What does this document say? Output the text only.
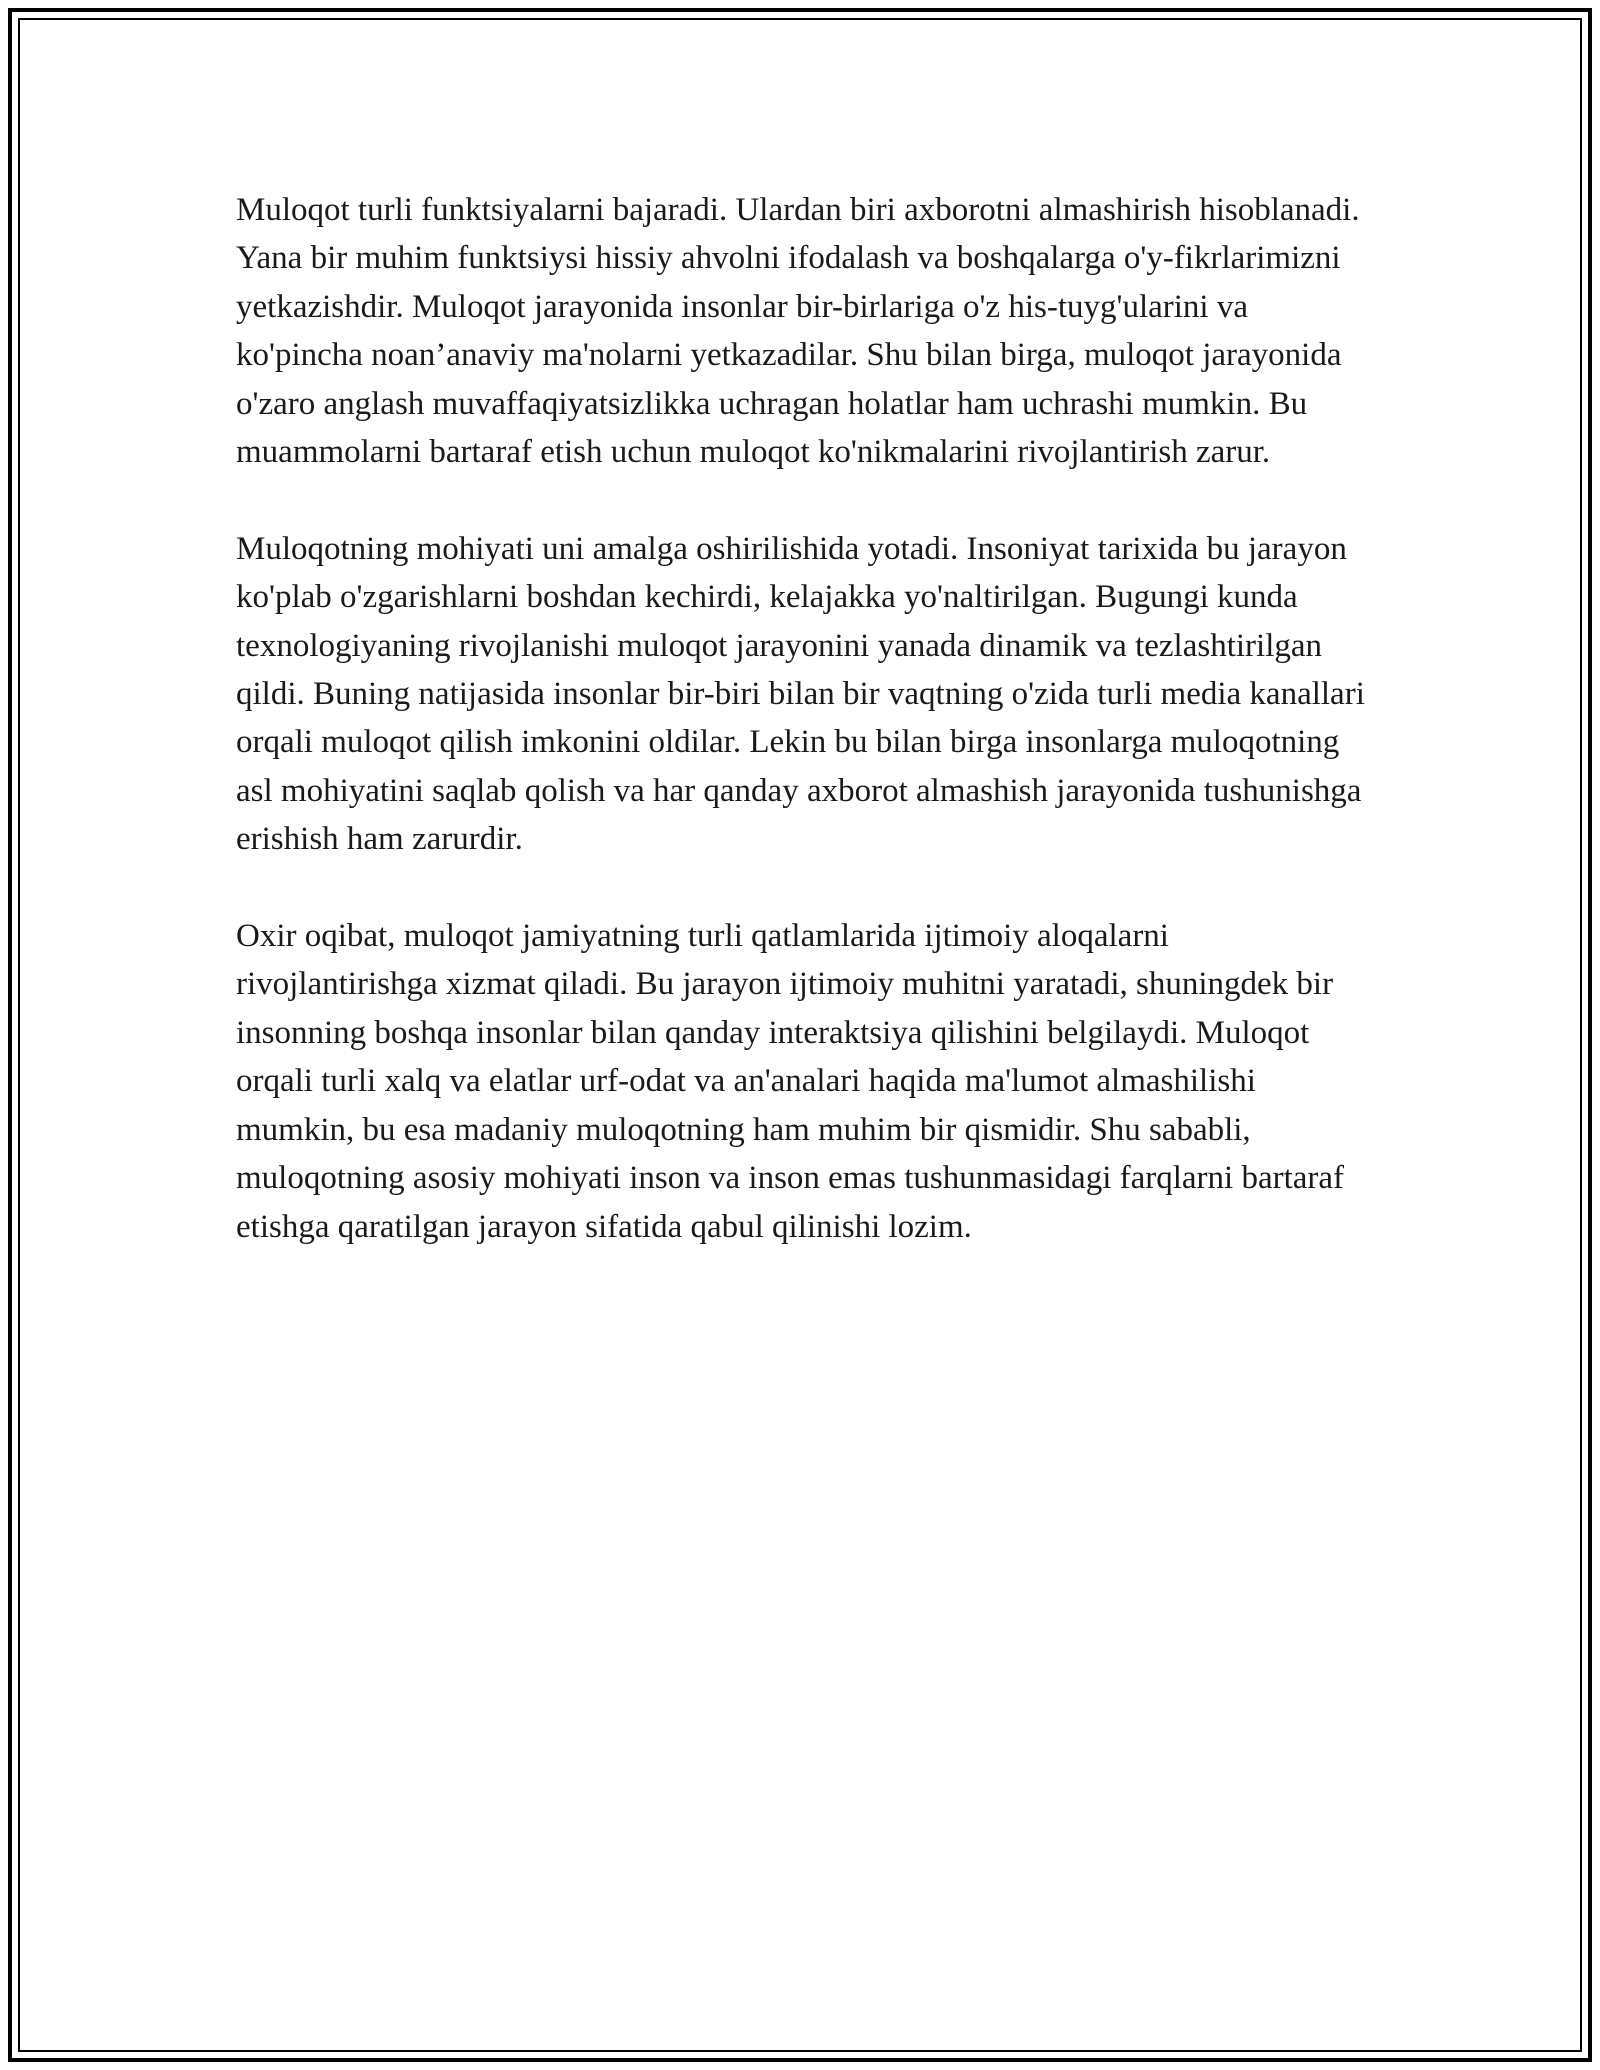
Muloqot turli funktsiyalarni bajaradi. Ulardan biri axborotni almashirish hisoblanadi. Yana bir muhim funktsiysi hissiy ahvolni ifodalash va boshqalarga o'y-fikrlarimizni yetkazishdir. Muloqot jarayonida insonlar bir-birlariga o'z his-tuyg'ularini va ko'pincha noan’anaviy ma'nolarni yetkazadilar. Shu bilan birga, muloqot jarayonida o'zaro anglash muvaffaqiyatsizlikka uchragan holatlar ham uchrashi mumkin. Bu muammolarni bartaraf etish uchun muloqot ko'nikmalarini rivojlantirish zarur.

Muloqotning mohiyati uni amalga oshirilishida yotadi. Insoniyat tarixida bu jarayon ko'plab o'zgarishlarni boshdan kechirdi, kelajakka yo'naltirilgan. Bugungi kunda texnologiyaning rivojlanishi muloqot jarayonini yanada dinamik va tezlashtirilgan qildi. Buning natijasida insonlar bir-biri bilan bir vaqtning o'zida turli media kanallari orqali muloqot qilish imkonini oldilar. Lekin bu bilan birga insonlarga muloqotning asl mohiyatini saqlab qolish va har qanday axborot almashish jarayonida tushunishga erishish ham zarurdir.

Oxir oqibat, muloqot jamiyatning turli qatlamlarida ijtimoiy aloqalarni rivojlantirishga xizmat qiladi. Bu jarayon ijtimoiy muhitni yaratadi, shuningdek bir insonning boshqa insonlar bilan qanday interaktsiya qilishini belgilaydi. Muloqot orqali turli xalq va elatlar urf-odat va an'analari haqida ma'lumot almashilishi mumkin, bu esa madaniy muloqotning ham muhim bir qismidir. Shu sababli, muloqotning asosiy mohiyati inson va inson emas tushunmasidagi farqlarni bartaraf etishga qaratilgan jarayon sifatida qabul qilinishi lozim.
